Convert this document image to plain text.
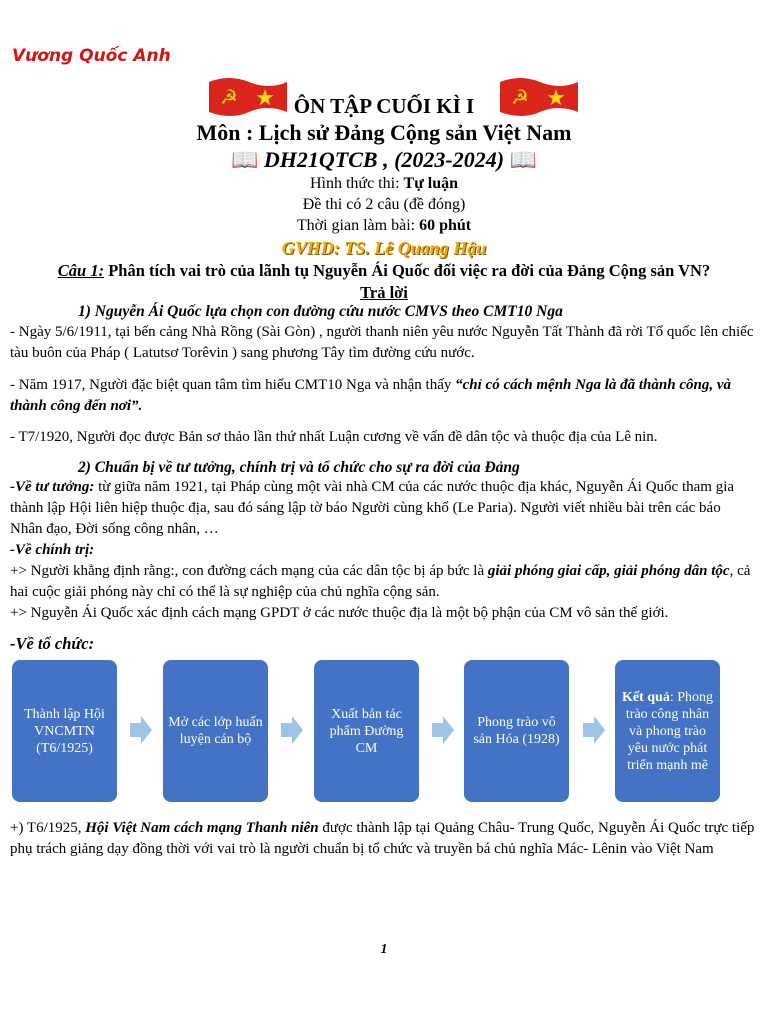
Vương Quốc Anh
☭ ★	☭ ★
ÔN TẬP CUỐI KÌ I
Môn : Lịch sử Đảng Cộng sản Việt Nam
📖 DH21QTCB , (2023-2024) 📖
Hình thức thi: Tự luận
Đề thi có 2 câu (đề đóng)
Thời gian làm bài: 60 phút
GVHD: TS. Lê Quang Hậu
Câu 1: Phân tích vai trò của lãnh tụ Nguyễn Ái Quốc đối việc ra đời của Đảng Cộng sản VN?
Trả lời
1) Nguyễn Ái Quốc lựa chọn con đường cứu nước CMVS theo CMT10 Nga
- Ngày 5/6/1911, tại bến cảng Nhà Rồng (Sài Gòn) , người thanh niên yêu nước Nguyễn Tất Thành đã rời Tổ quốc lên chiếc tàu buôn của Pháp ( Latutsơ Torêvin ) sang phương Tây tìm đường cứu nước.
- Năm 1917, Người đặc biệt quan tâm tìm hiểu CMT10 Nga và nhận thấy “chỉ có cách mệnh Nga là đã thành công, và thành công đến nơi”.
- T7/1920, Người đọc được Bản sơ thảo lần thứ nhất Luận cương về vấn đề dân tộc và thuộc địa của Lê nin.
2) Chuẩn bị về tư tưởng, chính trị và tổ chức cho sự ra đời của Đảng
-Về tư tưởng: từ giữa năm 1921, tại Pháp cùng một vài nhà CM của các nước thuộc địa khác, Nguyễn Ái Quốc tham gia thành lập Hội liên hiệp thuộc địa, sau đó sáng lập tờ báo Người cùng khổ (Le Paria). Người viết nhiều bài trên các báo Nhân đạo, Đời sống công nhân, …
-Về chính trị:
+> Người khẳng định rằng:, con đường cách mạng của các dân tộc bị áp bức là giải phóng giai cấp, giải phóng dân tộc, cả hai cuộc giải phóng này chỉ có thể là sự nghiệp của chủ nghĩa cộng sản.
+> Nguyễn Ái Quốc xác định cách mạng GPDT ở các nước thuộc địa là một bộ phận của CM vô sản thế giới.
-Về tổ chức:
Thành lập Hội VNCMTN (T6/1925)
Mở các lớp huấn luyện cán bộ
Xuất bản tác phẩm Đường CM
Phong trào vô sản Hóa (1928)
Kết quả: Phong trào công nhân và phong trào yêu nước phát triển mạnh mẽ
+) T6/1925, Hội Việt Nam cách mạng Thanh niên được thành lập tại Quảng Châu- Trung Quốc, Nguyễn Ái Quốc trực tiếp phụ trách giảng dạy đồng thời với vai trò là người chuẩn bị tổ chức và truyền bá chủ nghĩa Mác- Lênin vào Việt Nam
1
